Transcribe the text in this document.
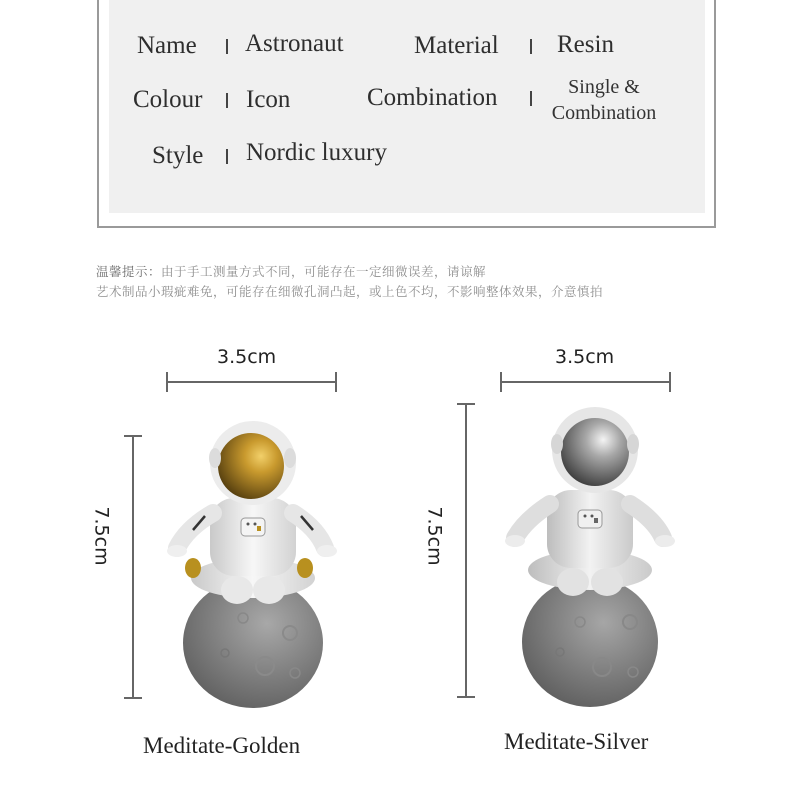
Name Astronaut	Material Resin
Colour Icon	Combination	Single &
Combination
Style Nordic luxury
温馨提示：由于手工测量方式不同，可能存在一定细微误差，请谅解
艺术制品小瑕疵难免，可能存在细微孔洞凸起，或上色不均，不影响整体效果，介意慎拍
3.5cm
7.5cm
Meditate-Golden
3.5cm
7.5cm
Meditate-Silver
